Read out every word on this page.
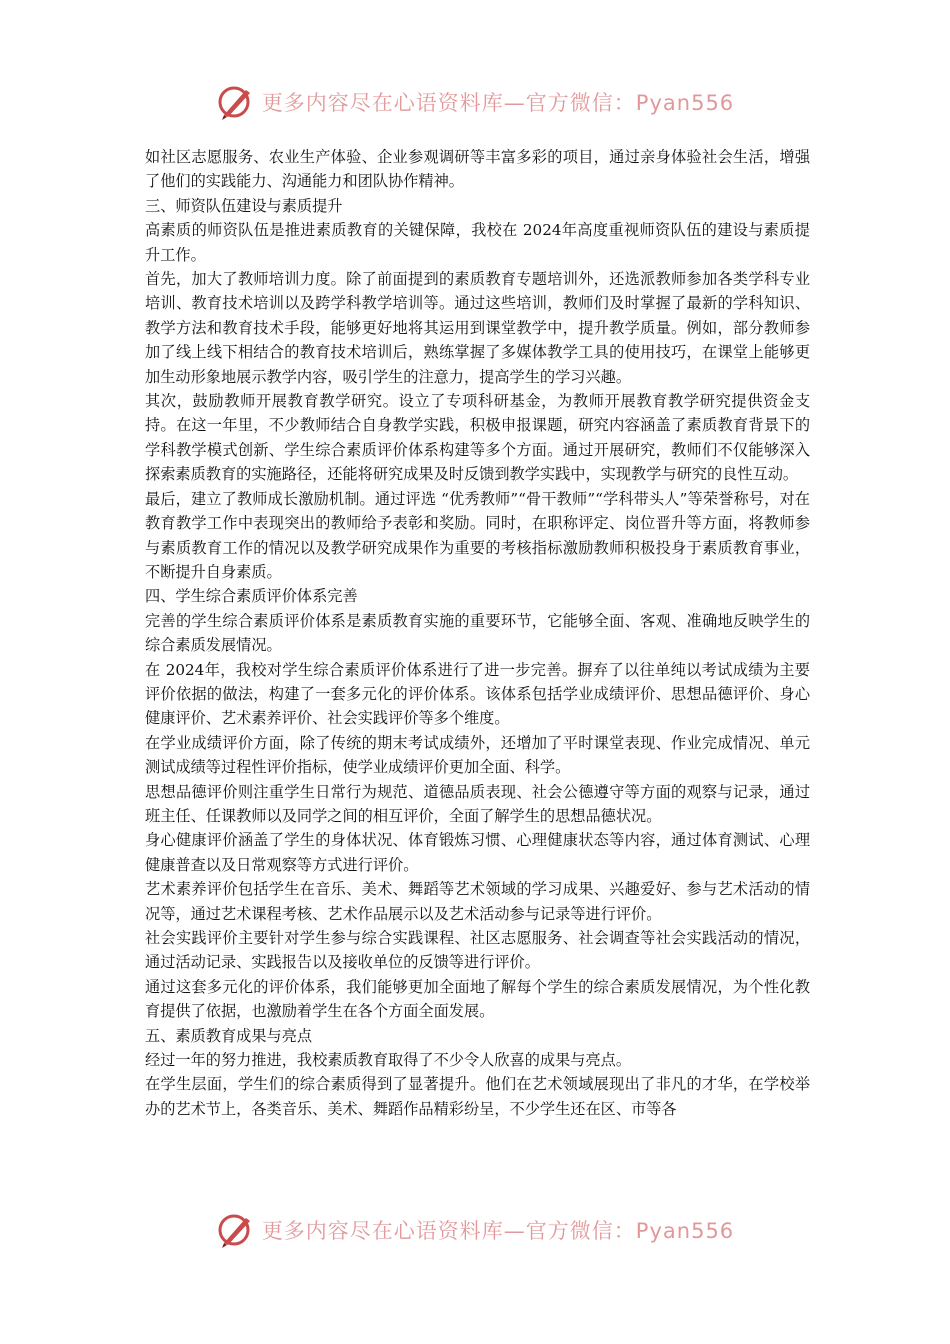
更多内容尽在心语资料库—官方微信：Pyan556

如社区志愿服务、农业生产体验、企业参观调研等丰富多彩的项目，通过亲身体验社会生活，增强了他们的实践能力、沟通能力和团队协作精神。

三、师资队伍建设与素质提升

高素质的师资队伍是推进素质教育的关键保障，我校在 2024年高度重视师资队伍的建设与素质提升工作。

首先，加大了教师培训力度。除了前面提到的素质教育专题培训外，还选派教师参加各类学科专业培训、教育技术培训以及跨学科教学培训等。通过这些培训，教师们及时掌握了最新的学科知识、教学方法和教育技术手段，能够更好地将其运用到课堂教学中，提升教学质量。例如，部分教师参加了线上线下相结合的教育技术培训后，熟练掌握了多媒体教学工具的使用技巧，在课堂上能够更加生动形象地展示教学内容，吸引学生的注意力，提高学生的学习兴趣。

其次，鼓励教师开展教育教学研究。设立了专项科研基金，为教师开展教育教学研究提供资金支持。在这一年里，不少教师结合自身教学实践，积极申报课题，研究内容涵盖了素质教育背景下的学科教学模式创新、学生综合素质评价体系构建等多个方面。通过开展研究，教师们不仅能够深入探索素质教育的实施路径，还能将研究成果及时反馈到教学实践中，实现教学与研究的良性互动。

最后，建立了教师成长激励机制。通过评选 “优秀教师”“骨干教师”“学科带头人”等荣誉称号，对在教育教学工作中表现突出的教师给予表彰和奖励。同时，在职称评定、岗位晋升等方面，将教师参与素质教育工作的情况以及教学研究成果作为重要的考核指标激励教师积极投身于素质教育事业，不断提升自身素质。

四、学生综合素质评价体系完善

完善的学生综合素质评价体系是素质教育实施的重要环节，它能够全面、客观、准确地反映学生的综合素质发展情况。

在 2024年，我校对学生综合素质评价体系进行了进一步完善。摒弃了以往单纯以考试成绩为主要评价依据的做法，构建了一套多元化的评价体系。该体系包括学业成绩评价、思想品德评价、身心健康评价、艺术素养评价、社会实践评价等多个维度。

在学业成绩评价方面，除了传统的期末考试成绩外，还增加了平时课堂表现、作业完成情况、单元测试成绩等过程性评价指标，使学业成绩评价更加全面、科学。

思想品德评价则注重学生日常行为规范、道德品质表现、社会公德遵守等方面的观察与记录，通过班主任、任课教师以及同学之间的相互评价，全面了解学生的思想品德状况。

身心健康评价涵盖了学生的身体状况、体育锻炼习惯、心理健康状态等内容，通过体育测试、心理健康普查以及日常观察等方式进行评价。

艺术素养评价包括学生在音乐、美术、舞蹈等艺术领域的学习成果、兴趣爱好、参与艺术活动的情况等，通过艺术课程考核、艺术作品展示以及艺术活动参与记录等进行评价。

社会实践评价主要针对学生参与综合实践课程、社区志愿服务、社会调查等社会实践活动的情况，通过活动记录、实践报告以及接收单位的反馈等进行评价。

通过这套多元化的评价体系，我们能够更加全面地了解每个学生的综合素质发展情况，为个性化教育提供了依据，也激励着学生在各个方面全面发展。

五、素质教育成果与亮点

经过一年的努力推进，我校素质教育取得了不少令人欣喜的成果与亮点。

在学生层面，学生们的综合素质得到了显著提升。他们在艺术领域展现出了非凡的才华，在学校举办的艺术节上，各类音乐、美术、舞蹈作品精彩纷呈，不少学生还在区、市等各

更多内容尽在心语资料库—官方微信：Pyan556
